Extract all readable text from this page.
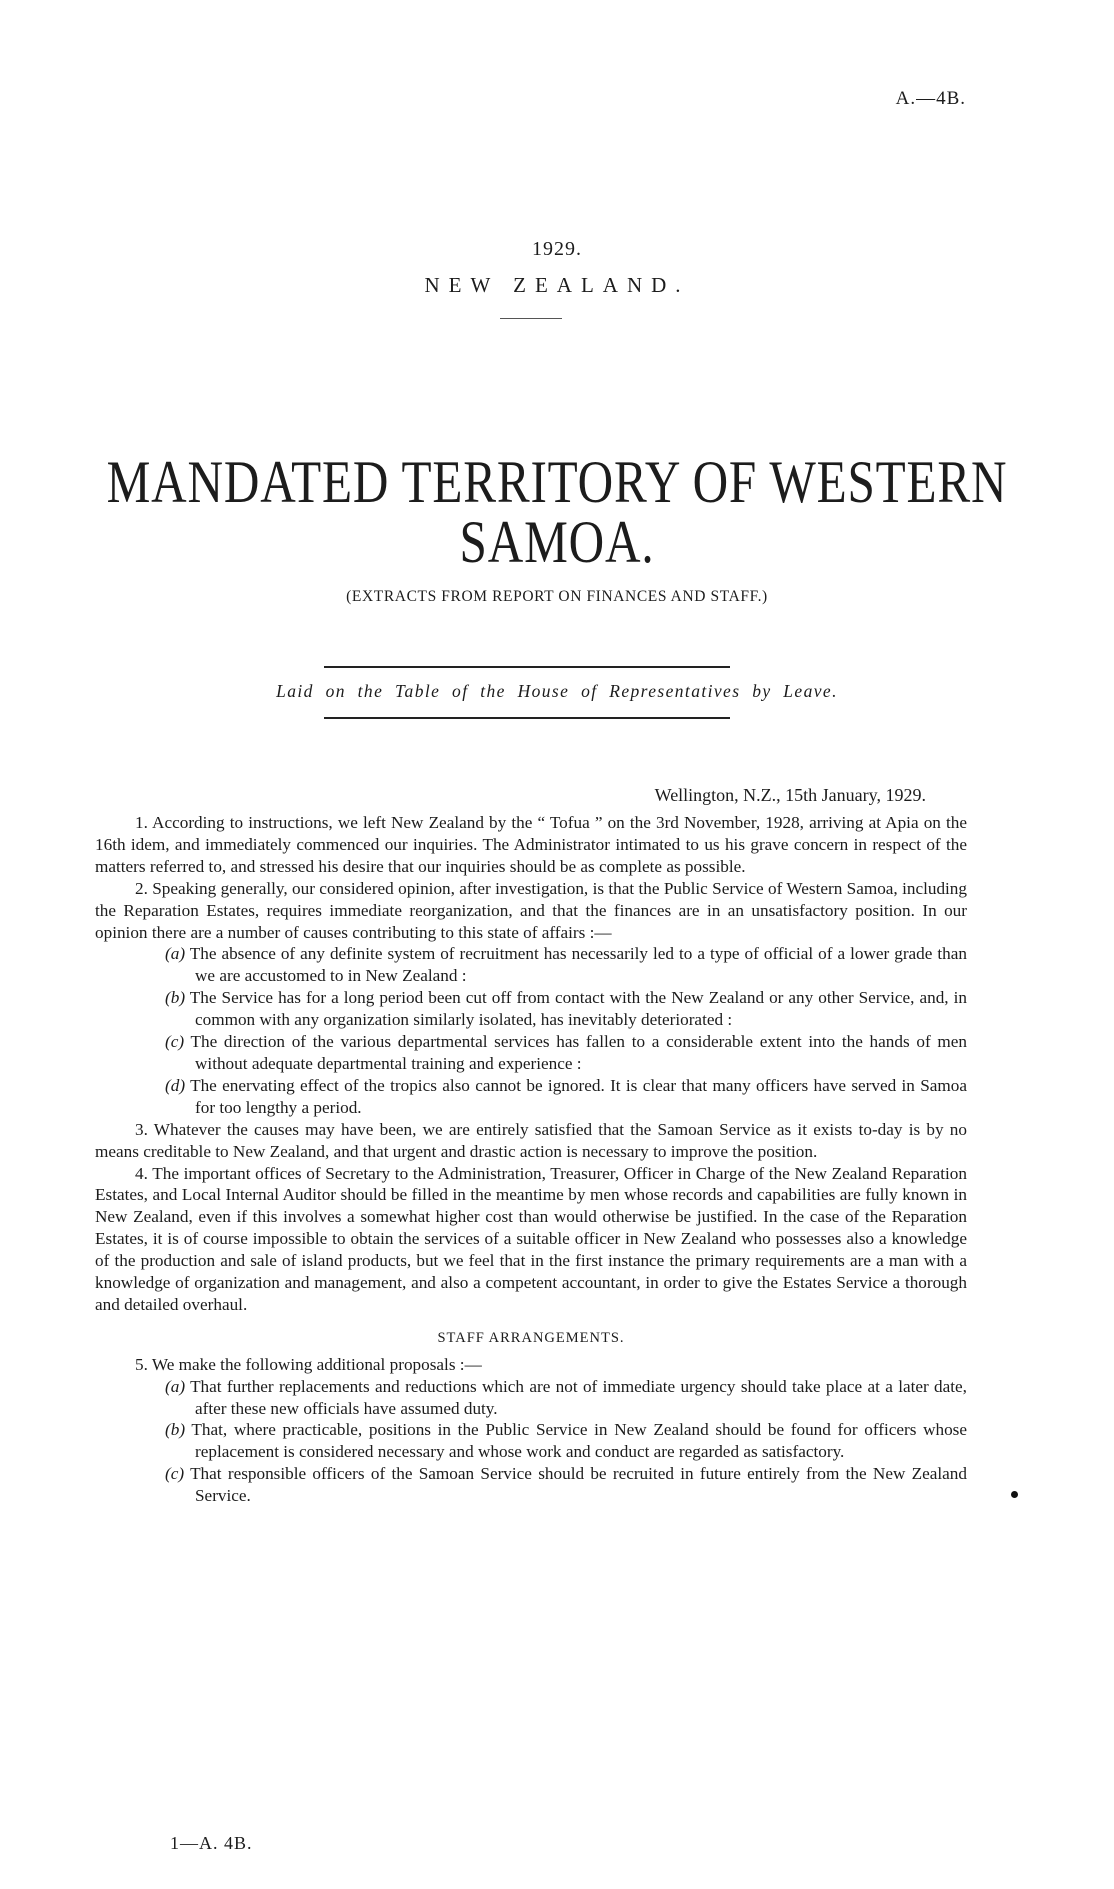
A.—4B.
1929.
NEW ZEALAND.
MANDATED TERRITORY OF WESTERN
SAMOA.
(EXTRACTS FROM REPORT ON FINANCES AND STAFF.)
Laid on the Table of the House of Representatives by Leave.
Wellington, N.Z., 15th January, 1929.

1. According to instructions, we left New Zealand by the “ Tofua ” on the 3rd November, 1928, arriving at Apia on the 16th idem, and immediately commenced our inquiries. The Administrator intimated to us his grave concern in respect of the matters referred to, and stressed his desire that our inquiries should be as complete as possible.

2. Speaking generally, our considered opinion, after investigation, is that the Public Service of Western Samoa, including the Reparation Estates, requires immediate reorganization, and that the finances are in an unsatisfactory position. In our opinion there are a number of causes contributing to this state of affairs :—

(a) The absence of any definite system of recruitment has necessarily led to a type of official of a lower grade than we are accustomed to in New Zealand :

(b) The Service has for a long period been cut off from contact with the New Zealand or any other Service, and, in common with any organization similarly isolated, has inevitably deteriorated :

(c) The direction of the various departmental services has fallen to a considerable extent into the hands of men without adequate departmental training and experience :

(d) The enervating effect of the tropics also cannot be ignored. It is clear that many officers have served in Samoa for too lengthy a period.

3. Whatever the causes may have been, we are entirely satisfied that the Samoan Service as it exists to-day is by no means creditable to New Zealand, and that urgent and drastic action is necessary to improve the position.

4. The important offices of Secretary to the Administration, Treasurer, Officer in Charge of the New Zealand Reparation Estates, and Local Internal Auditor should be filled in the meantime by men whose records and capabilities are fully known in New Zealand, even if this involves a somewhat higher cost than would otherwise be justified. In the case of the Reparation Estates, it is of course impossible to obtain the services of a suitable officer in New Zealand who possesses also a knowledge of the production and sale of island products, but we feel that in the first instance the primary requirements are a man with a knowledge of organization and management, and also a competent accountant, in order to give the Estates Service a thorough and detailed overhaul.

STAFF ARRANGEMENTS.

5. We make the following additional proposals :—

(a) That further replacements and reductions which are not of immediate urgency should take place at a later date, after these new officials have assumed duty.

(b) That, where practicable, positions in the Public Service in New Zealand should be found for officers whose replacement is considered necessary and whose work and conduct are regarded as satisfactory.

(c) That responsible officers of the Samoan Service should be recruited in future entirely from the New Zealand Service.

1—A. 4B.
